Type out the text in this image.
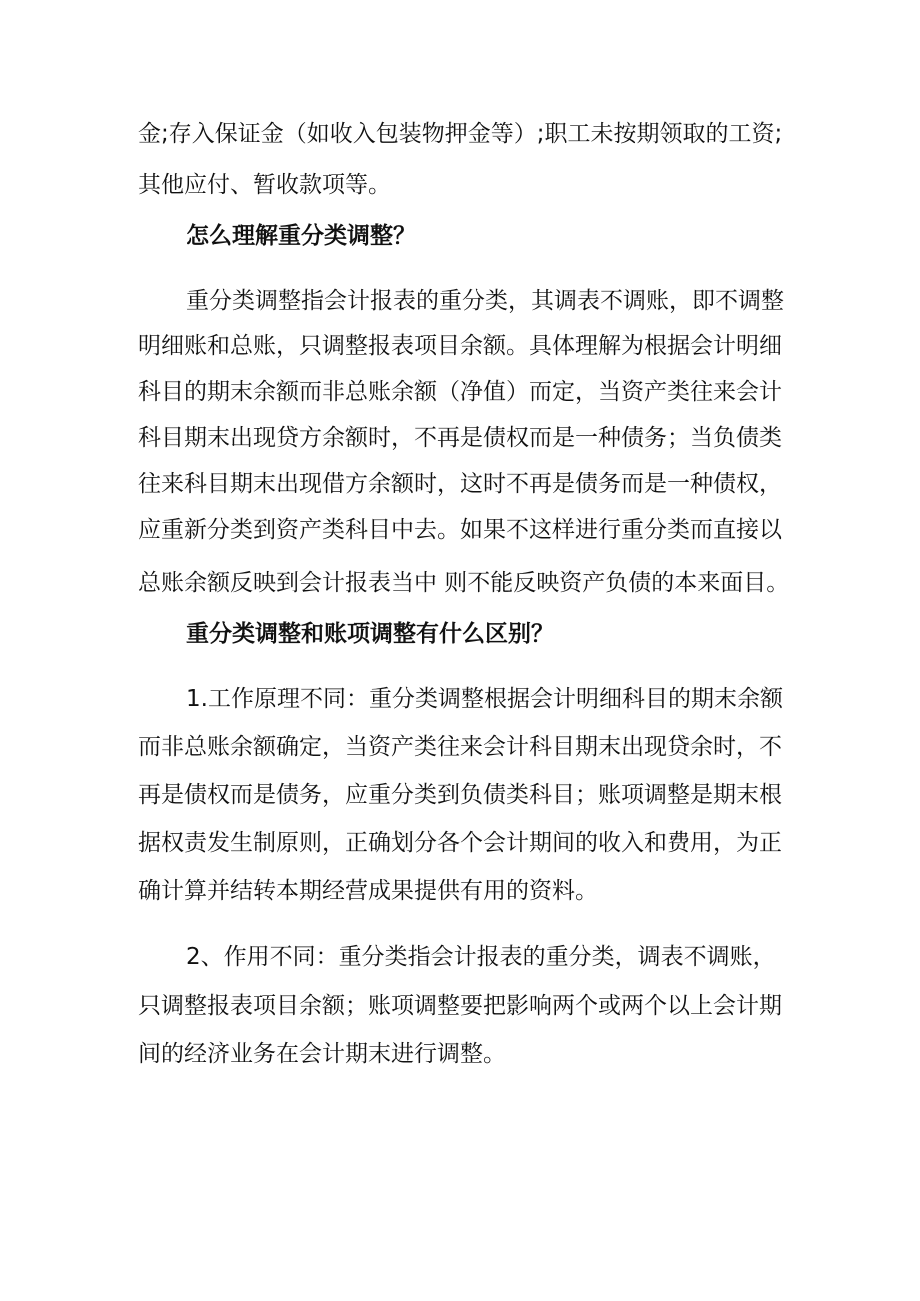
金;存入保证金（如收入包装物押金等）;职工未按期领取的工资;
其他应付、暂收款项等。
怎么理解重分类调整？
重分类调整指会计报表的重分类，其调表不调账，即不调整
明细账和总账，只调整报表项目余额。具体理解为根据会计明细
科目的期末余额而非总账余额（净值）而定，当资产类往来会计
科目期末出现贷方余额时，不再是债权而是一种债务；当负债类
往来科目期末出现借方余额时，这时不再是债务而是一种债权，
应重新分类到资产类科目中去。如果不这样进行重分类而直接以
总账余额反映到会计报表当中 则不能反映资产负债的本来面目。
重分类调整和账项调整有什么区别？
1.工作原理不同：重分类调整根据会计明细科目的期末余额
而非总账余额确定，当资产类往来会计科目期末出现贷余时，不
再是债权而是债务，应重分类到负债类科目；账项调整是期末根
据权责发生制原则，正确划分各个会计期间的收入和费用，为正
确计算并结转本期经营成果提供有用的资料。
2、作用不同：重分类指会计报表的重分类，调表不调账，
只调整报表项目余额；账项调整要把影响两个或两个以上会计期
间的经济业务在会计期末进行调整。
